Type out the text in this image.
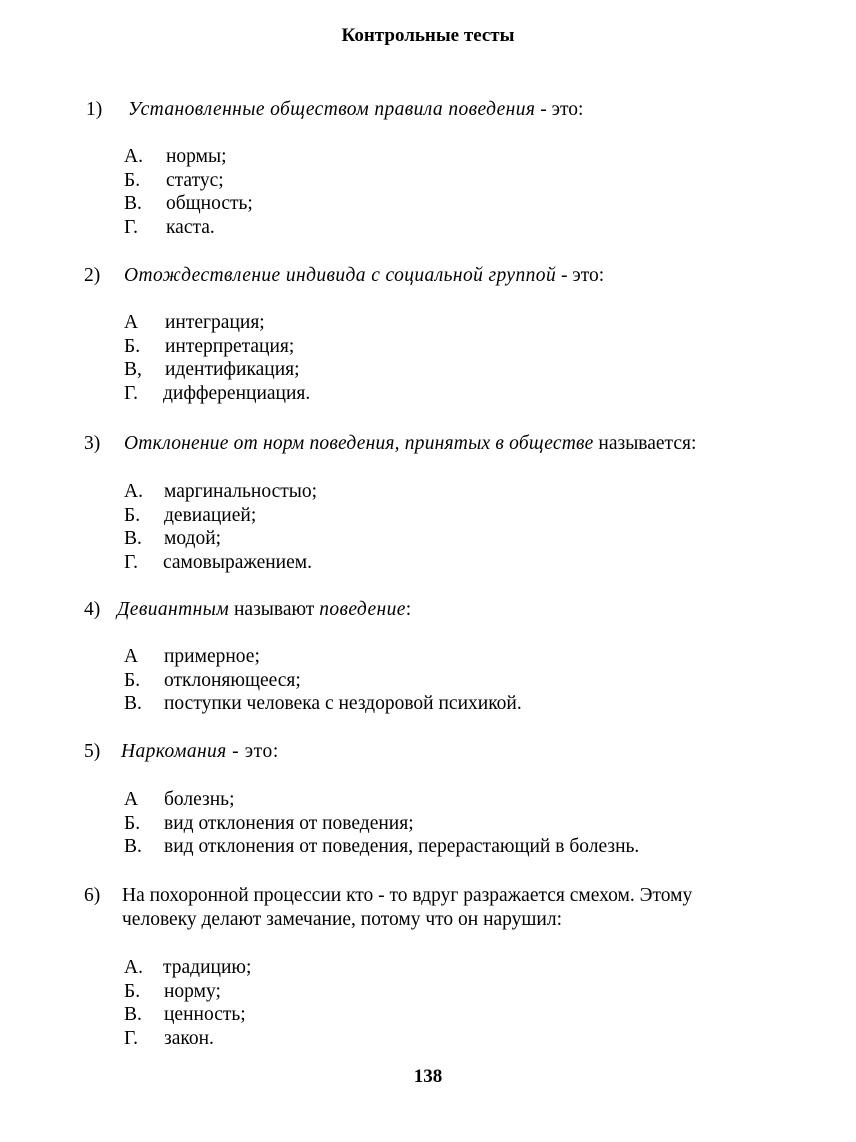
Контрольные тесты
1) Установленные обществом правила поведения - это:
А. нормы;
Б. статус;
В. общность;
Г. каста.
2) Отождествление индивида с социальной группой - это:
А интеграция;
Б. интерпретация;
В, идентификация;
Г. дифференциация.
3) Отклонение от норм поведения, принятых в обществе называется:
А. маргинальностыо;
Б. девиацией;
В. модой;
Г. самовыражением.
4) Девиантным называют поведение:
А примерное;
Б. отклоняющееся;
В. поступки человека с нездоровой психикой.
5) Наркомания - это:
А болезнь;
Б. вид отклонения от поведения;
В. вид отклонения от поведения, перерастающий в болезнь.
6) На похоронной процессии кто - то вдруг разражается смехом. Этому
человеку делают замечание, потому что он нарушил:
А. традицию;
Б. норму;
В. ценность;
Г. закон.
138
